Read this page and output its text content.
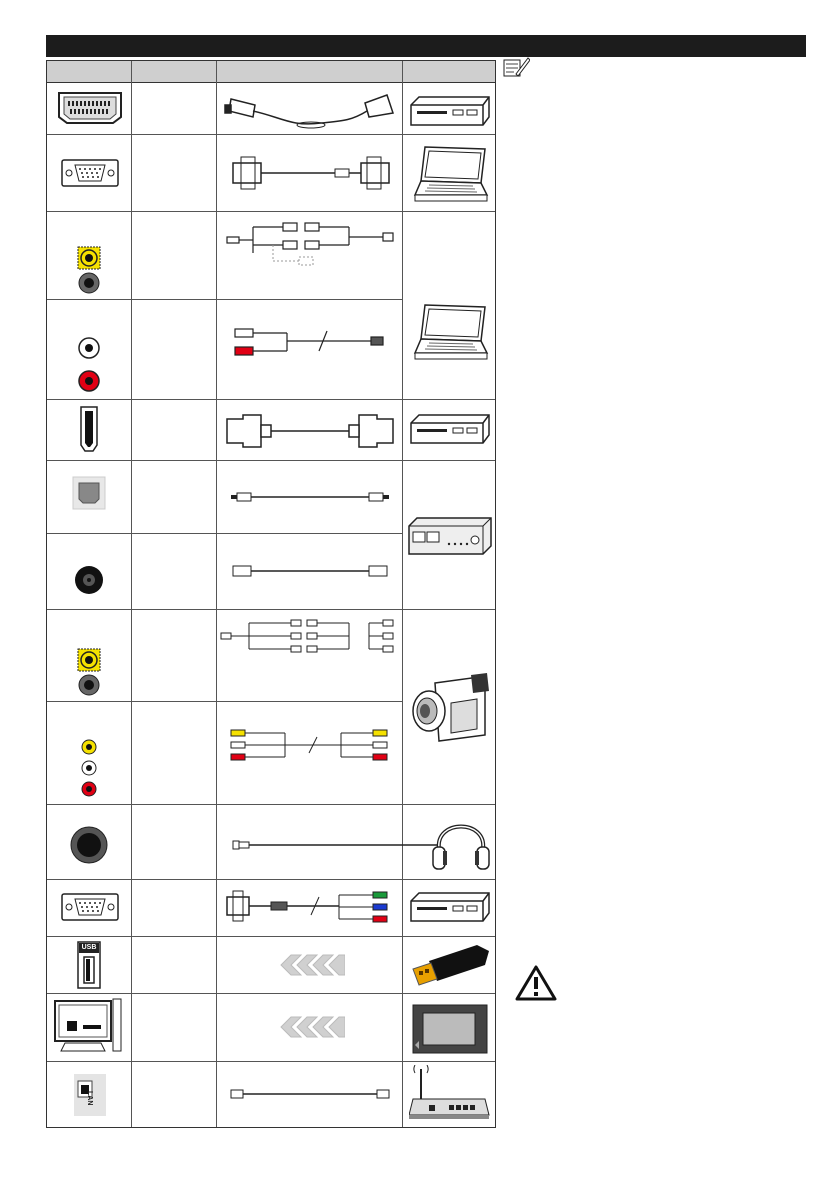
USB
LAN
